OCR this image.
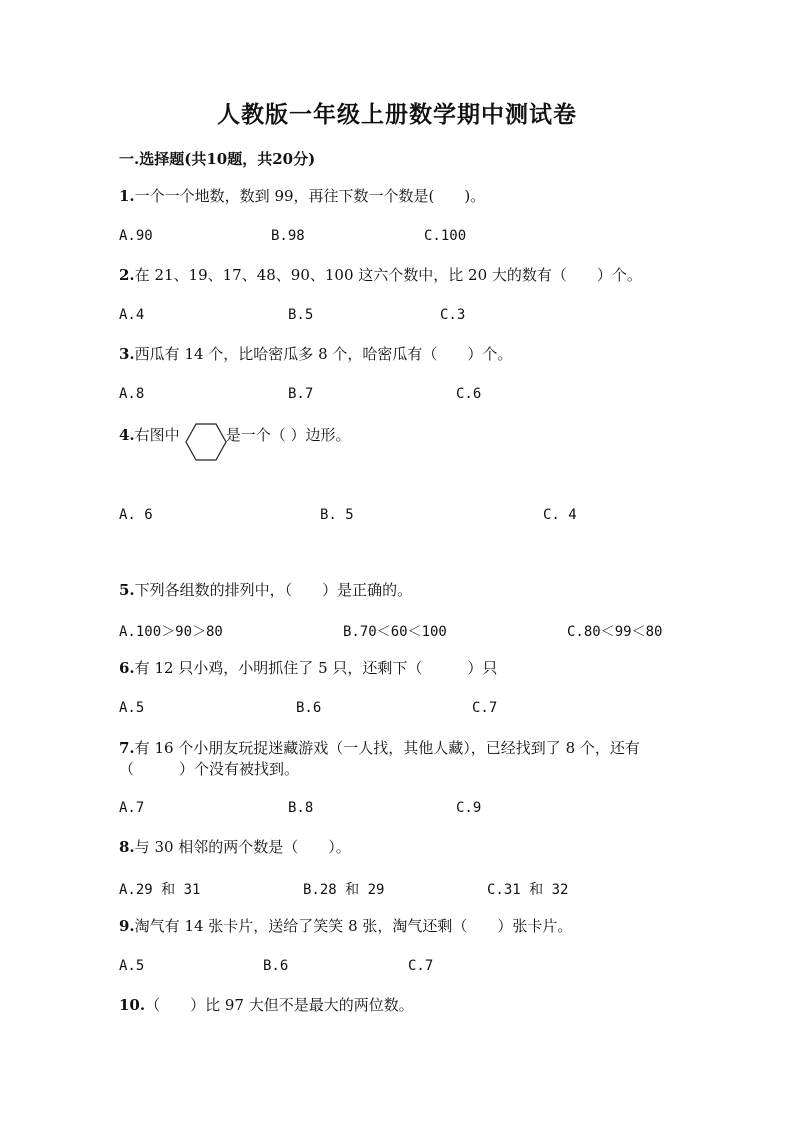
人教版一年级上册数学期中测试卷
一.选择题(共10题，共20分)
1.一个一个地数，数到 99，再往下数一个数是(　　)。
A.90	B.98	C.100
2.在 21、19、17、48、90、100 这六个数中，比 20 大的数有（　　）个。
A.4	B.5	C.3
3.西瓜有 14 个，比哈密瓜多 8 个，哈密瓜有（　　）个。
A.8	B.7	C.6
4.右图中	是一个（ ）边形。
A. 6	B. 5	C. 4
5.下列各组数的排列中，（　　）是正确的。
A.100＞90＞80	B.70＜60＜100	C.80＜99＜80
6.有 12 只小鸡，小明抓住了 5 只，还剩下（　　　）只
A.5	B.6	C.7
7.有 16 个小朋友玩捉迷藏游戏（一人找，其他人藏），已经找到了 8 个，还有
（　　　）个没有被找到。
A.7	B.8	C.9
8.与 30 相邻的两个数是（　　）。
A.29 和 31	B.28 和 29	C.31 和 32
9.淘气有 14 张卡片，送给了笑笑 8 张，淘气还剩（　　）张卡片。
A.5	B.6	C.7
10.（　　）比 97 大但不是最大的两位数。
